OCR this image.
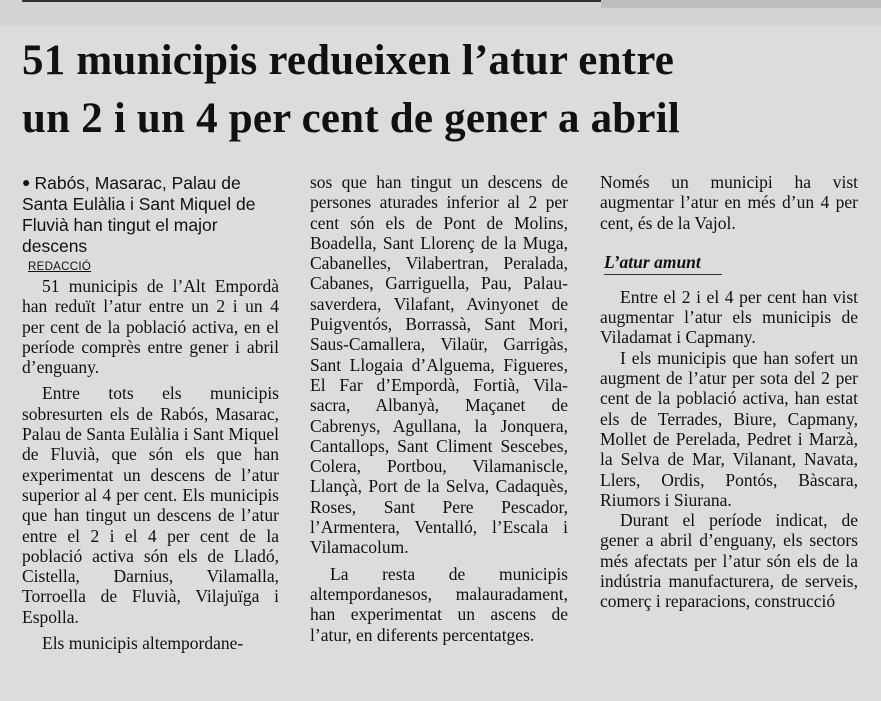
51 municipis redueixen l’atur entre
un 2 i un 4 per cent de gener a abril
● Rabós, Masarac, Palau de Santa Eulàlia i Sant Miquel de Fluvià han tingut el major descens
REDACCIÓ

51 municipis de l’Alt Empordà han reduït l’atur entre un 2 i un 4 per cent de la població activa, en el període comprès entre gener i abril d’enguany.

Entre tots els municipis sobresurten els de Rabós, Masarac, Palau de Santa Eulàlia i Sant Miquel de Fluvià, que són els que han experimentat un descens de l’atur superior al 4 per cent. Els municipis que han tingut un descens de l’atur entre el 2 i el 4 per cent de la població activa són els de Lladó, Cistella, Darnius, Vilamalla, Torroella de Fluvià, Vilajuïga i Espolla.

Els municipis altempordane-

sos que han tingut un descens de persones aturades inferior al 2 per cent són els de Pont de Molins, Boadella, Sant Llorenç de la Muga, Cabanelles, Vilabertran, Peralada, Cabanes, Garriguella, Pau, Palau-saverdera, Vilafant, Avinyonet de Puigventós, Borrassà, Sant Mori, Saus-Camallera, Vilaür, Garrigàs, Sant Llogaia d’Alguema, Figueres, El Far d’Empordà, Fortià, Vila-sacra, Albanyà, Maçanet de Cabrenys, Agullana, la Jonquera, Cantallops, Sant Climent Sescebes, Colera, Portbou, Vilamaniscle, Llançà, Port de la Selva, Cadaquès, Roses, Sant Pere Pescador, l’Armentera, Ventalló, l’Escala i Vilamacolum.

La resta de municipis altempordanesos, malauradament, han experimentat un ascens de l’atur, en diferents percentatges.

Només un municipi ha vist augmentar l’atur en més d’un 4 per cent, és de la Vajol.

L’atur amunt

Entre el 2 i el 4 per cent han vist augmentar l’atur els municipis de Viladamat i Capmany.

I els municipis que han sofert un augment de l’atur per sota del 2 per cent de la població activa, han estat els de Terrades, Biure, Capmany, Mollet de Perelada, Pedret i Marzà, la Selva de Mar, Vilanant, Navata, Llers, Ordis, Pontós, Bàscara, Riumors i Siurana.

Durant el període indicat, de gener a abril d’enguany, els sectors més afectats per l’atur són els de la indústria manufacturera, de serveis, comerç i reparacions, construcció
